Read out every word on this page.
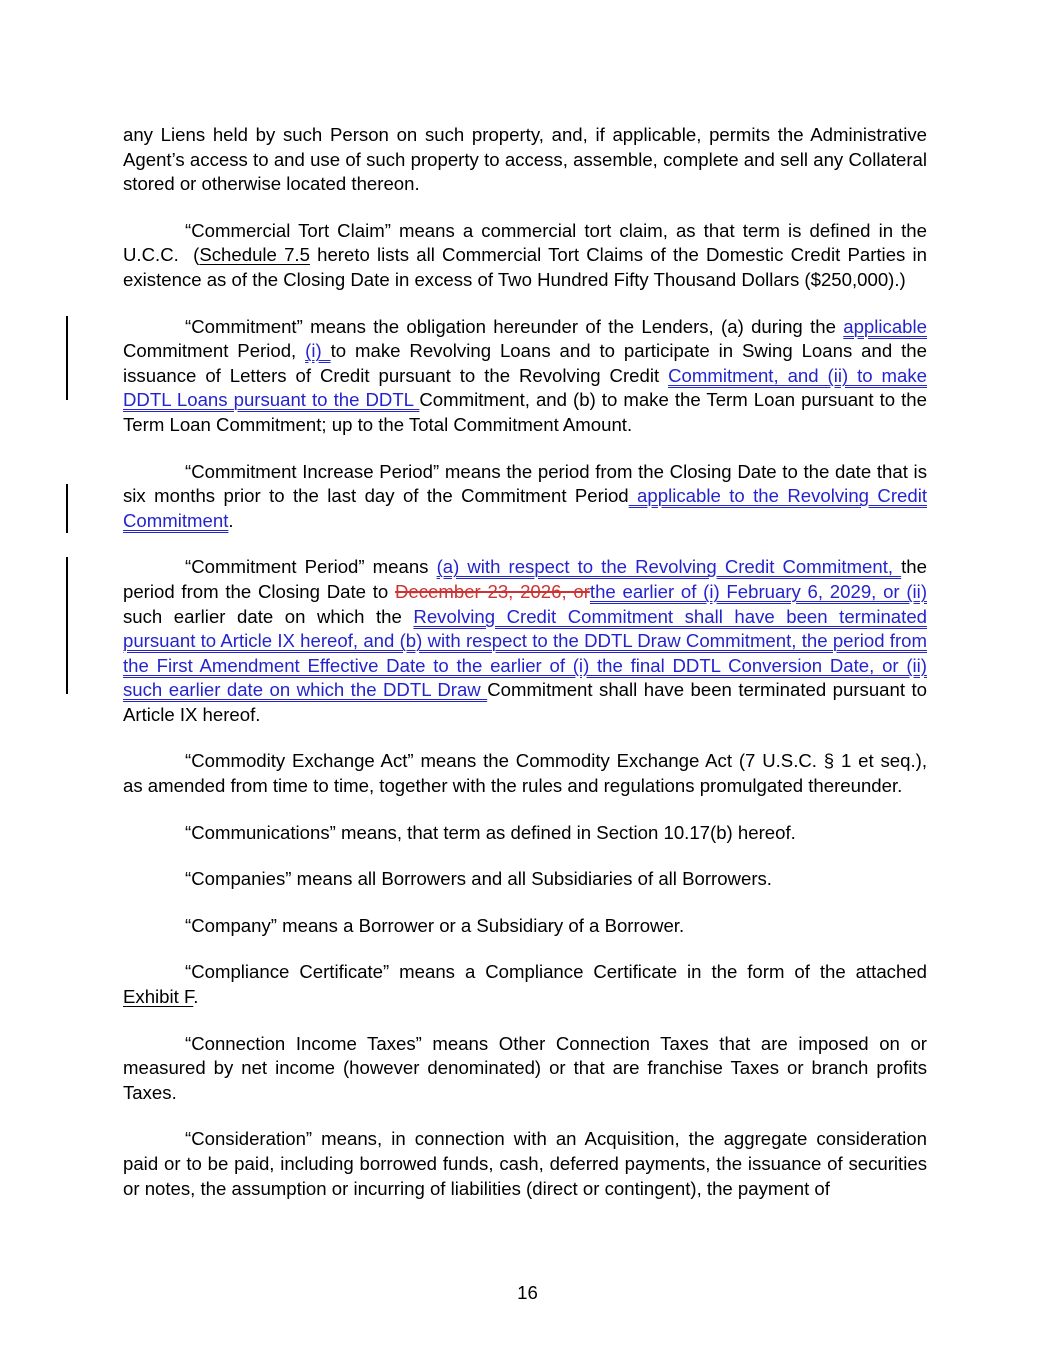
any Liens held by such Person on such property, and, if applicable, permits the Administrative Agent’s access to and use of such property to access, assemble, complete and sell any Collateral stored or otherwise located thereon.

“Commercial Tort Claim” means a commercial tort claim, as that term is defined in the U.C.C.  (Schedule 7.5 hereto lists all Commercial Tort Claims of the Domestic Credit Parties in existence as of the Closing Date in excess of Two Hundred Fifty Thousand Dollars ($250,000).)

“Commitment” means the obligation hereunder of the Lenders, (a) during the applicable Commitment Period, (i) to make Revolving Loans and to participate in Swing Loans and the issuance of Letters of Credit pursuant to the Revolving Credit Commitment, and (ii) to make DDTL Loans pursuant to the DDTL Commitment, and (b) to make the Term Loan pursuant to the Term Loan Commitment; up to the Total Commitment Amount.

“Commitment Increase Period” means the period from the Closing Date to the date that is six months prior to the last day of the Commitment Period applicable to the Revolving Credit Commitment.

“Commitment Period” means (a) with respect to the Revolving Credit Commitment, the period from the Closing Date to December 23, 2026, orthe earlier of (i) February 6, 2029, or (ii) such earlier date on which the Revolving Credit Commitment shall have been terminated pursuant to Article IX hereof, and (b) with respect to the DDTL Draw Commitment, the period from the First Amendment Effective Date to the earlier of (i) the final DDTL Conversion Date, or (ii) such earlier date on which the DDTL Draw Commitment shall have been terminated pursuant to Article IX hereof.

“Commodity Exchange Act” means the Commodity Exchange Act (7 U.S.C. § 1 et seq.), as amended from time to time, together with the rules and regulations promulgated thereunder.

“Communications” means, that term as defined in Section 10.17(b) hereof.

“Companies” means all Borrowers and all Subsidiaries of all Borrowers.

“Company” means a Borrower or a Subsidiary of a Borrower.

“Compliance Certificate” means a Compliance Certificate in the form of the attached Exhibit F.

“Connection Income Taxes” means Other Connection Taxes that are imposed on or measured by net income (however denominated) or that are franchise Taxes or branch profits Taxes.

“Consideration” means, in connection with an Acquisition, the aggregate consideration paid or to be paid, including borrowed funds, cash, deferred payments, the issuance of securities or notes, the assumption or incurring of liabilities (direct or contingent), the payment of

16
